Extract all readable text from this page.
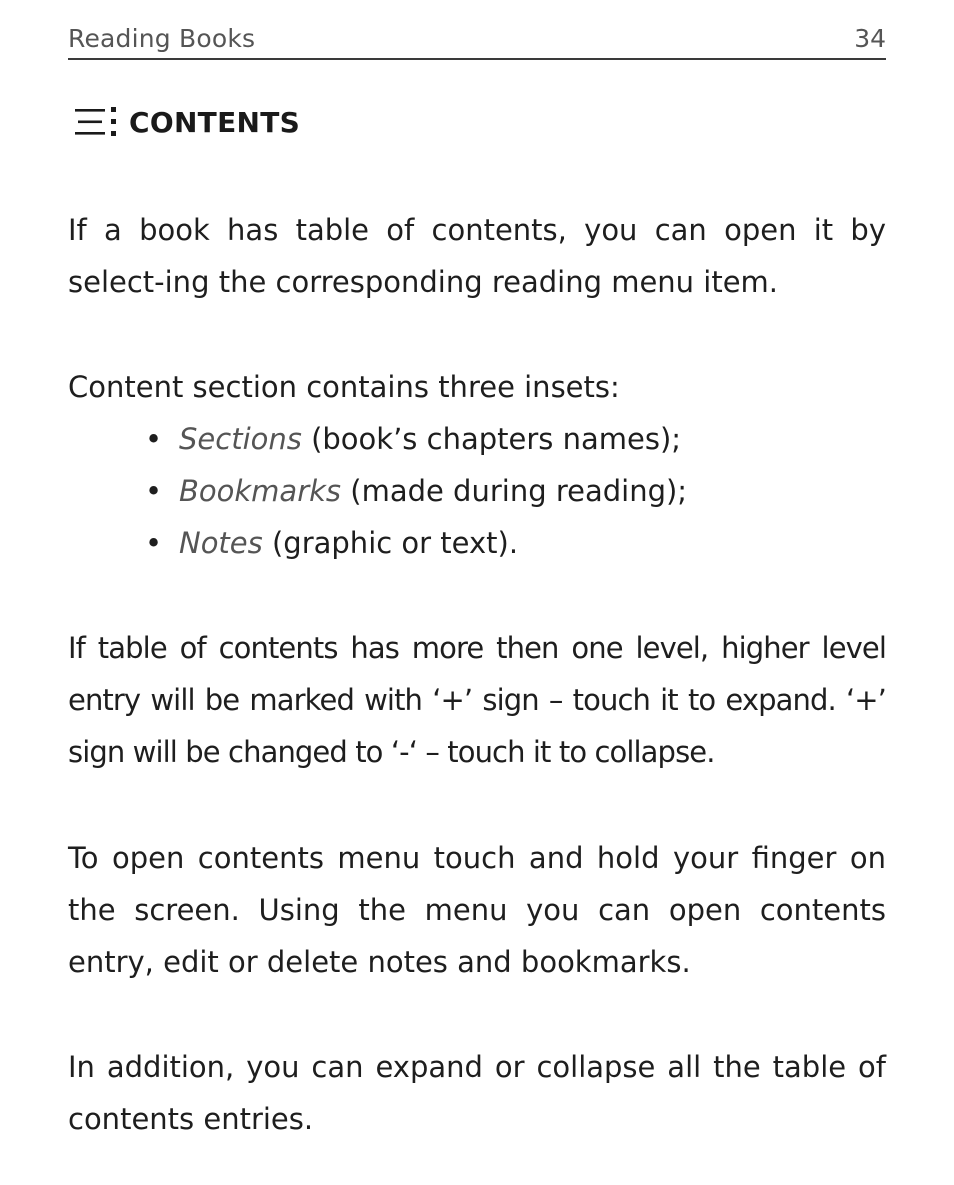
Reading Books	34
CONTENTS

If a book has table of contents, you can open it by select-ing the corresponding reading menu item.

Content section contains three insets:

• Sections (book’s chapters names);
• Bookmarks (made during reading);
• Notes (graphic or text).

If table of contents has more then one level, higher level entry will be marked with ‘+’ sign – touch it to expand. ‘+’ sign will be changed to ‘-‘ – touch it to collapse.

To open contents menu touch and hold your finger on the screen. Using the menu you can open contents entry, edit or delete notes and bookmarks.

In addition, you can expand or collapse all the table of contents entries.
